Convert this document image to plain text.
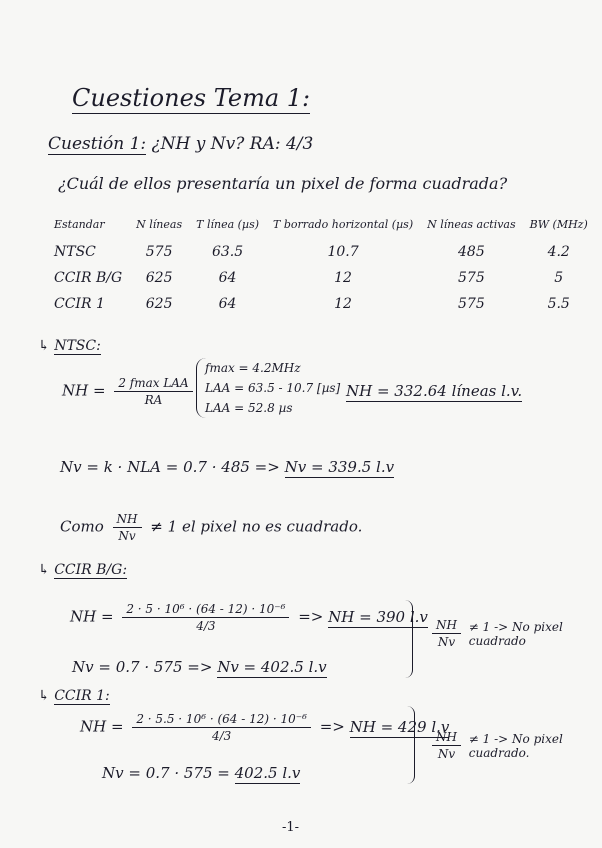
Cuestiones Tema 1:
Cuestión 1: ¿NH y Nv? RA: 4/3
¿Cuál de ellos presentaría un pixel de forma cuadrada?
Estandar	N líneas	T línea (µs)	T borrado horizontal (µs)	N líneas activas	BW (MHz)
NTSC	575	63.5	10.7	485	4.2
CCIR B/G	625	64	12	575	5
CCIR 1	625	64	12	575	5.5
↳ NTSC:
NH = $\frac{\text{2 fmax LAA}}{RA}$
fmax = 4.2MHz
LAA = 63.5 - 10.7 [µs]
LAA = 52.8 µs
NH = 332.64 líneas l.v.
Nv = k · NLA = 0.7 · 485 => Nv = 339.5 l.v
Como $\frac{NH}{Nv} \ne 1$ el pixel no es cuadrado.
↳ CCIR B/G:
NH = $\frac{\text{2 · 5 · 10⁶ · (64 - 12) · 10⁻⁶}}{4/3}$ => NH = 390 l.v
Nv = 0.7 · 575 => Nv = 402.5 l.v
$\frac{NH}{Nv} \ne 1 -> No$ pixel cuadrado
↳ CCIR 1:
NH = $\frac{\text{2 · 5.5 · 10⁶ · (64 - 12) · 10⁻⁶}}{4/3}$ => NH = 429 l.v
Nv = 0.7 · 575 = 402.5 l.v
$\frac{NH}{Nv} \ne 1 -> No$ pixel cuadrado.
-1-
